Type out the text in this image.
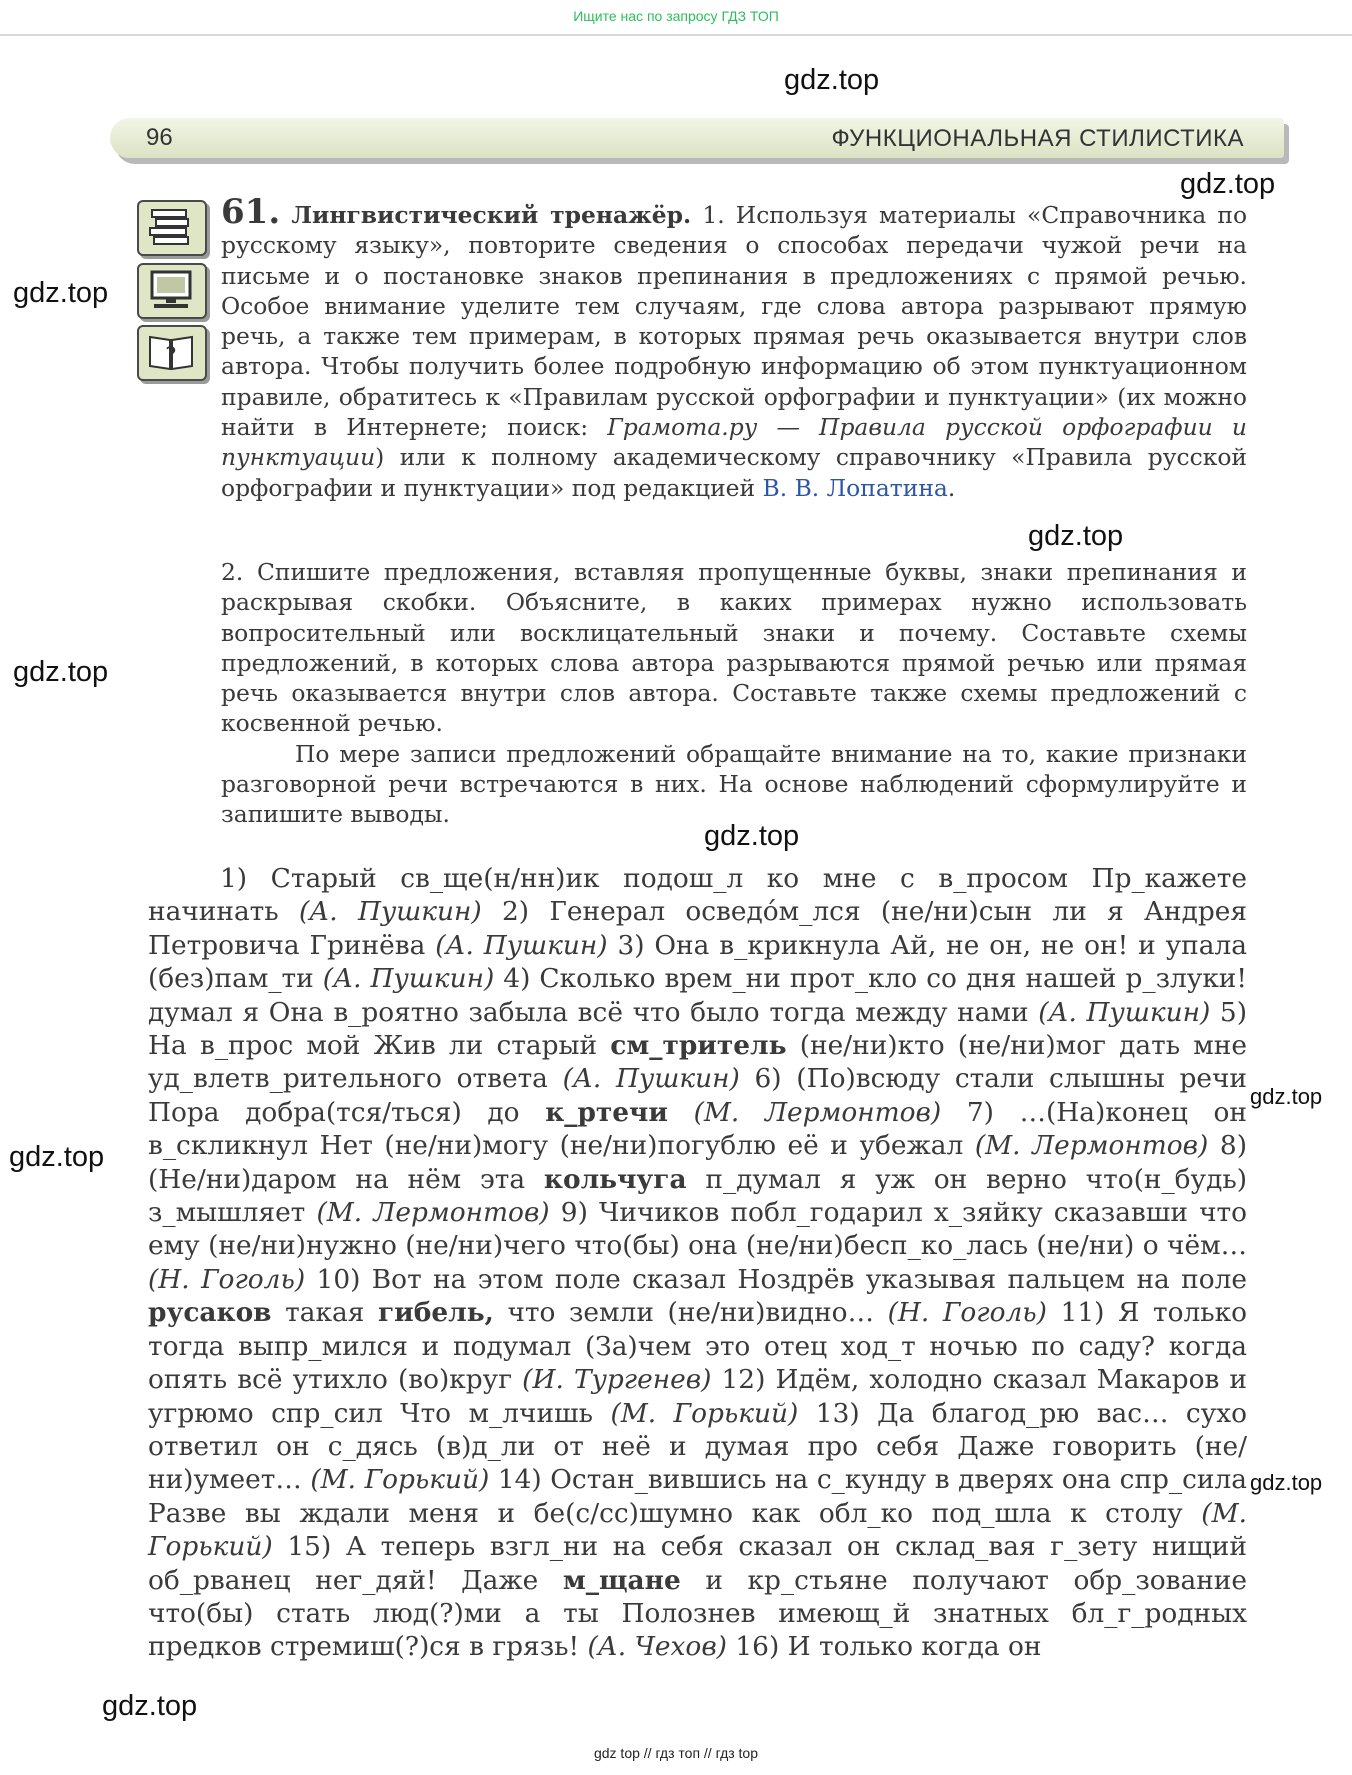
Ищите нас по запросу ГДЗ ТОП
gdz.top
gdz.top
gdz.top
gdz.top
gdz.top
gdz.top
gdz.top
gdz.top
gdz.top
gdz.top
96	ФУНКЦИОНАЛЬНАЯ СТИЛИСТИКА
?

61. Лингвистический тренажёр. 1. Используя материалы «Справочника по русскому языку», повторите сведения о способах передачи чужой речи на письме и о постановке знаков препинания в предложениях с прямой речью. Особое внимание уделите тем случаям, где слова автора разрывают прямую речь, а также тем примерам, в которых прямая речь оказывается внутри слов автора. Чтобы получить более подробную информацию об этом пунктуационном правиле, обратитесь к «Правилам русской орфографии и пунктуации» (их можно найти в Интернете; поиск: Грамота.ру — Правила русской орфографии и пунктуации) или к полному академическому справочнику «Правила русской орфографии и пунктуации» под редакцией В. В. Лопатина.

2. Спишите предложения, вставляя пропущенные буквы, знаки препинания и раскрывая скобки. Объясните, в каких примерах нужно использовать вопросительный или восклицательный знаки и почему. Составьте схемы предложений, в которых слова автора разрываются прямой речью или прямая речь оказывается внутри слов автора. Составьте также схемы предложений с косвенной речью.

По мере записи предложений обращайте внимание на то, какие признаки разговорной речи встречаются в них. На основе наблюдений сформулируйте и запишите выводы.

1) Старый св_ще(н/нн)ик подош_л ко мне с в_просом Пр_кажете начинать (А. Пушкин) 2) Генерал осведóм_лся (не/ни)сын ли я Андрея Петровича Гринёва (А. Пушкин) 3) Она в_крикнула Ай, не он, не он! и упала (без)пам_ти (А. Пушкин) 4) Сколько врем_ни прот_кло со дня нашей р_злуки! думал я Она в_роятно забыла всё что было тогда между нами (А. Пушкин) 5) На в_прос мой Жив ли старый см_тритель (не/ни)кто (не/ни)мог дать мне уд_влетв_рительного ответа (А. Пушкин) 6) (По)всюду стали слышны речи Пора добра(тся/ться) до к_ртечи (М. Лермонтов) 7) …(На)конец он в_скликнул Нет (не/ни)могу (не/ни)погублю её и убежал (М. Лермонтов) 8) (Не/ни)даром на нём эта кольчуга п_думал я уж он верно что(н_будь) з_мышляет (М. Лермонтов) 9) Чичиков побл_годарил х_зяйку сказавши что ему (не/ни)нужно (не/ни)чего что(бы) она (не/ни)бесп_ко_лась (не/ни) о чём… (Н. Гоголь) 10) Вот на этом поле сказал Ноздрёв указывая пальцем на поле русаков такая гибель, что земли (не/ни)видно… (Н. Гоголь) 11) Я только тогда выпр_мился и подумал (За)чем это отец ход_т ночью по саду? когда опять всё утихло (во)круг (И. Тургенев) 12) Идём, холодно сказал Макаров и угрюмо спр_сил Что м_лчишь (М. Горький) 13) Да благод_рю вас… сухо ответил он с_дясь (в)д_ли от неё и думая про себя Даже говорить (не/ни)умеет… (М. Горький) 14) Остан_вившись на с_кунду в дверях она спр_сила Разве вы ждали меня и бе(с/сс)шумно как обл_ко под_шла к столу (М. Горький) 15) А теперь взгл_ни на себя сказал он склад_вая г_зету нищий об_рванец нег_дяй! Даже м_щане и кр_стьяне получают обр_зование что(бы) стать люд(?)ми а ты Полознев имеющ_й знатных бл_г_родных предков стремиш(?)ся в грязь! (А. Чехов) 16) И только когда он

gdz top // гдз топ // гдз top
